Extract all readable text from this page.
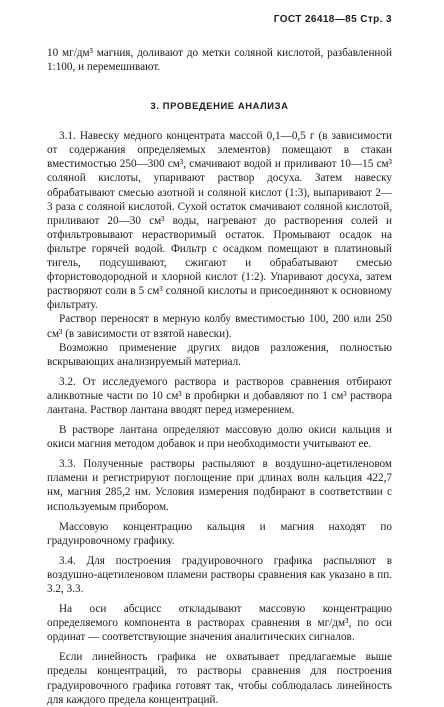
ГОСТ 26418—85 Стр. 3

10 мг/дм³ магния, доливают до метки соляной кислотой, разбавленной 1:100, и перемешивают.

3. ПРОВЕДЕНИЕ АНАЛИЗА

3.1. Навеску медного концентрата массой 0,1—0,5 г (в зависимости от содержания определяемых элементов) помещают в стакан вместимостью 250—300 см³, смачивают водой и приливают 10—15 см³ соляной кислоты, упаривают раствор досуха. Затем навеску обрабатывают смесью азотной и соляной кислот (1:3), выпаривают 2—3 раза с соляной кислотой. Сухой остаток смачивают соляной кислотой, приливают 20—30 см³ воды, нагревают до растворения солей и отфильтровывают нерастворимый остаток. Промывают осадок на фильтре горячей водой. Фильтр с осадком помещают в платиновый тигель, подсушивают, сжигают и обрабатывают смесью фтористоводородной и хлорной кислот (1:2). Упаривают досуха, затем растворяют соли в 5 см³ соляной кислоты и присоединяют к основному фильтрату.

Раствор переносят в мерную колбу вместимостью 100, 200 или 250 см³ (в зависимости от взятой навески).

Возможно применение других видов разложения, полностью вскрывающих анализируемый материал.

3.2. От исследуемого раствора и растворов сравнения отбирают аликвотные части по 10 см³ в пробирки и добавляют по 1 см³ раствора лантана. Раствор лантана вводят перед измерением.

В растворе лантана определяют массовую долю окиси кальция и окиси магния методом добавок и при необходимости учитывают ее.

3.3. Полученные растворы распыляют в воздушно-ацетиленовом пламени и регистрируют поглощение при длинах волн кальция 422,7 нм, магния 285,2 нм. Условия измерения подбирают в соответствии с используемым прибором.

Массовую концентрацию кальция и магния находят по градуировочному графику.

3.4. Для построения градуировочного графика распыляют в воздушно-ацетиленовом пламени растворы сравнения как указано в пп. 3.2, 3.3.

На оси абсцисс откладывают массовую концентрацию определяемого компонента в растворах сравнения в мг/дм³, по оси ординат — соответствующие значения аналитических сигналов.

Если линейность графика не охватывает предлагаемые выше пределы концентраций, то растворы сравнения для построения градуировочного графика готовят так, чтобы соблюдалась линейность для каждого предела концентраций.
